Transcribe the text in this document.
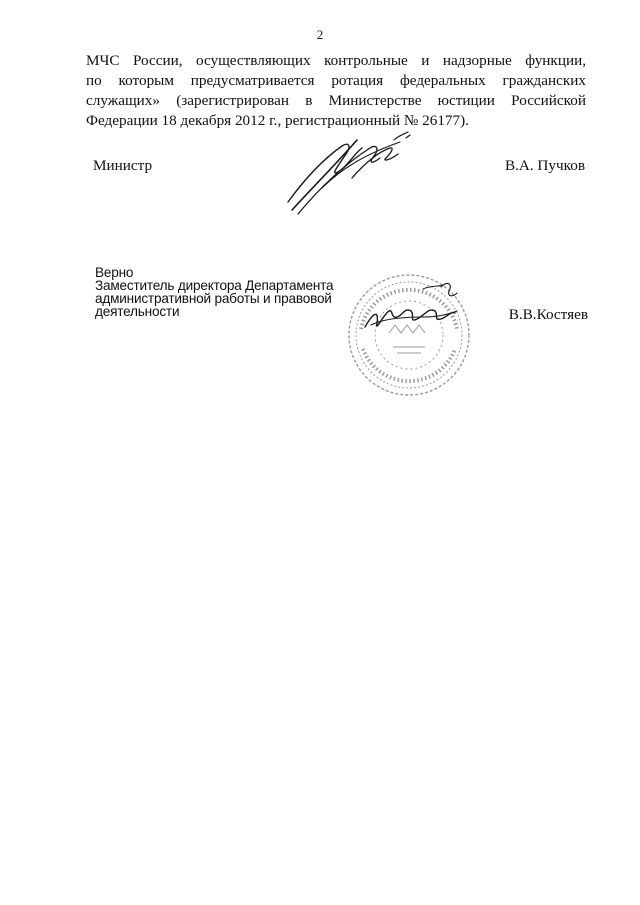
2
МЧС России, осуществляющих контрольные и надзорные функции,
по которым предусматривается ротация федеральных гражданских
служащих» (зарегистрирован в Министерстве юстиции Российской
Федерации 18 декабря 2012 г., регистрационный № 26177).
Министр	В.А. Пучков
Верно
Заместитель директора Департамента
административной работы и правовой
деятельности	В.В.Костяев
